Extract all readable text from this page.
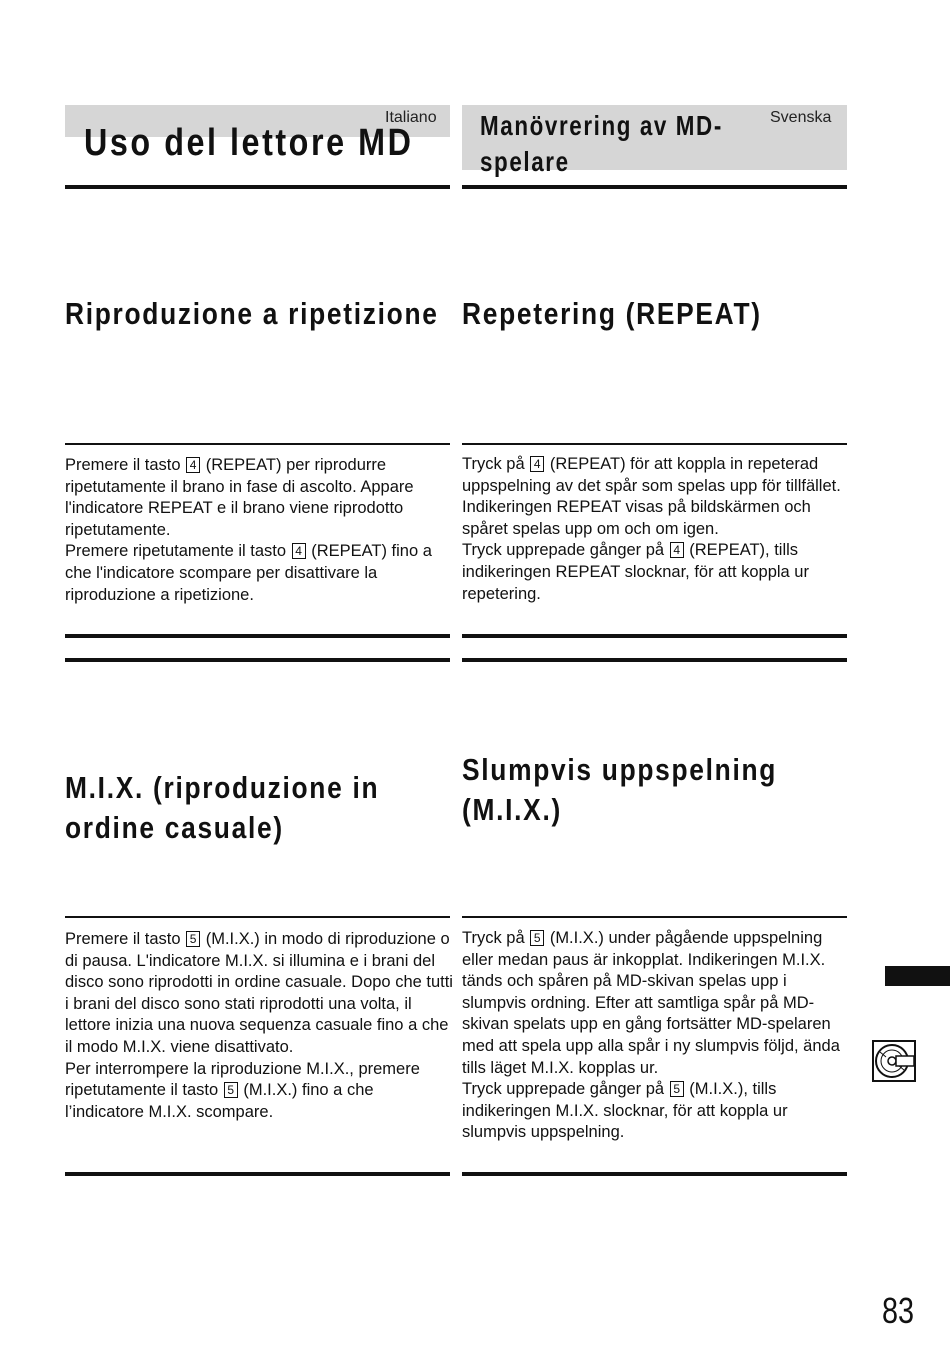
Italiano
Uso del lettore MD
Svenska
Manövrering av MD-
spelare
Riproduzione a ripetizione Repetering (REPEAT)

Premere il tasto 4 (REPEAT) per riprodurre ripetutamente il brano in fase di ascolto. Appare l'indicatore REPEAT e il brano viene riprodotto ripetutamente.

Premere ripetutamente il tasto 4 (REPEAT) fino a che l'indicatore scompare per disattivare la riproduzione a ripetizione.

Tryck på 4 (REPEAT) för att koppla in repeterad uppspelning av det spår som spelas upp för tillfället. Indikeringen REPEAT visas på bildskärmen och spåret spelas upp om och om igen.

Tryck upprepade gånger på 4 (REPEAT), tills indikeringen REPEAT slocknar, för att koppla ur repetering.

M.I.X. (riproduzione in
ordine casuale)
Slumpvis uppspelning
(M.I.X.)

Premere il tasto 5 (M.I.X.) in modo di riproduzione o di pausa. L'indicatore M.I.X. si illumina e i brani del disco sono riprodotti in ordine casuale. Dopo che tutti i brani del disco sono stati riprodotti una volta, il lettore inizia una nuova sequenza casuale fino a che il modo M.I.X. viene disattivato.

Per interrompere la riproduzione M.I.X., premere ripetutamente il tasto 5 (M.I.X.) fino a che l’indicatore M.I.X. scompare.

Tryck på 5 (M.I.X.) under pågående uppspelning eller medan paus är inkopplat. Indikeringen M.I.X. tänds och spåren på MD-skivan spelas upp i slumpvis ordning. Efter att samtliga spår på MD-skivan spelats upp en gång fortsätter MD-spelaren med att spela upp alla spår i ny slumpvis följd, ända tills läget M.I.X. kopplas ur.

Tryck upprepade gånger på 5 (M.I.X.), tills indikeringen M.I.X. slocknar, för att koppla ur slumpvis uppspelning.

83
